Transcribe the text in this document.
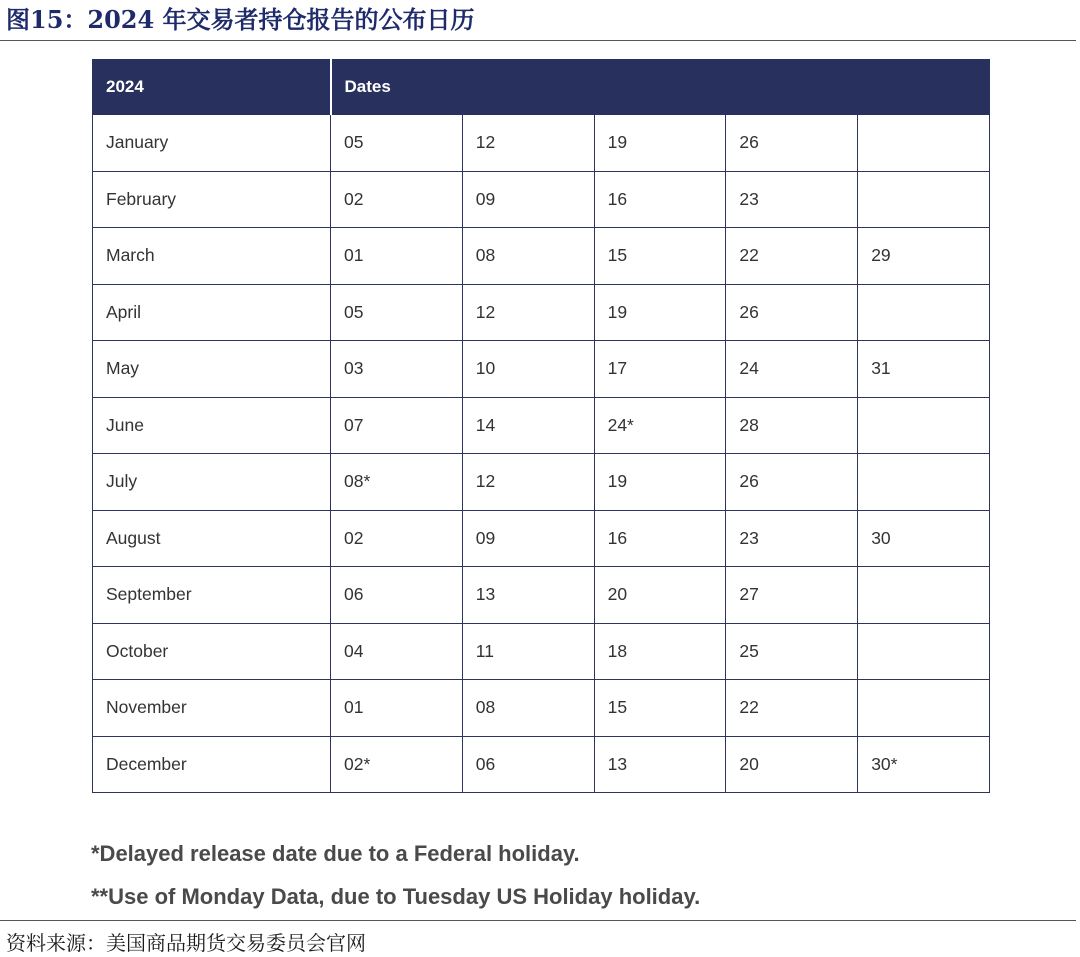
图15：2024 年交易者持仓报告的公布日历
2024	Dates				
January	05	12	19	26	
February	02	09	16	23	
March	01	08	15	22	29
April	05	12	19	26	
May	03	10	17	24	31
June	07	14	24*	28	
July	08*	12	19	26	
August	02	09	16	23	30
September	06	13	20	27	
October	04	11	18	25	
November	01	08	15	22	
December	02*	06	13	20	30*
*Delayed release date due to a Federal holiday.
**Use of Monday Data, due to Tuesday US Holiday holiday.
资料来源：美国商品期货交易委员会官网
